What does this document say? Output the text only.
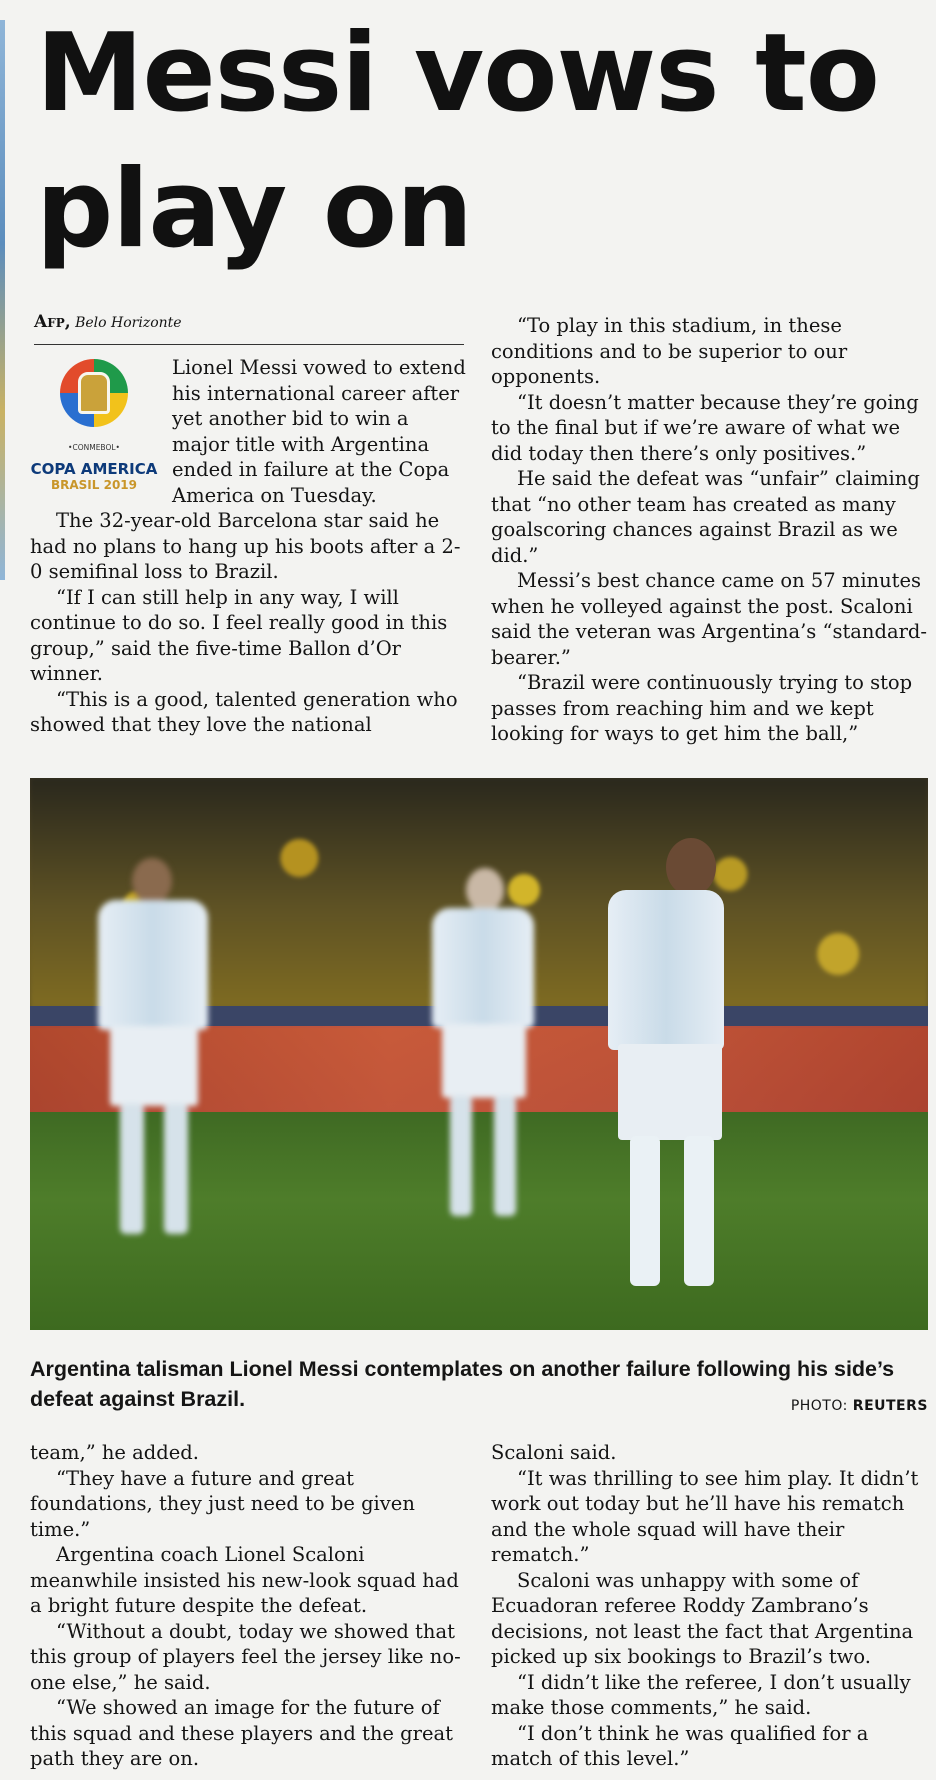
Messi vows to play on
Afp, Belo Horizonte
•CONMEBOL•
COPA AMERICA
BRASIL 2019

Lionel Messi vowed to extend his international career after yet another bid to win a major title with Argentina ended in failure at the Copa America on Tuesday.

The 32-year-old Barcelona star said he had no plans to hang up his boots after a 2-0 semifinal loss to Brazil.

“If I can still help in any way, I will continue to do so. I feel really good in this group,” said the five-time Ballon d’Or winner.

“This is a good, talented generation who showed that they love the national

“To play in this stadium, in these conditions and to be superior to our opponents.

“It doesn’t matter because they’re going to the final but if we’re aware of what we did today then there’s only positives.”

He said the defeat was “unfair” claiming that “no other team has created as many goalscoring chances against Brazil as we did.”

Messi’s best chance came on 57 minutes when he volleyed against the post. Scaloni said the veteran was Argentina’s “standard-bearer.”

“Brazil were continuously trying to stop passes from reaching him and we kept looking for ways to get him the ball,”

Argentina talisman Lionel Messi contemplates on another failure following his side’s defeat against Brazil.	PHOTO: REUTERS

team,” he added.

“They have a future and great foundations, they just need to be given time.”

Argentina coach Lionel Scaloni meanwhile insisted his new-look squad had a bright future despite the defeat.

“Without a doubt, today we showed that this group of players feel the jersey like no-one else,” he said.

“We showed an image for the future of this squad and these players and the great path they are on.

Scaloni said.

“It was thrilling to see him play. It didn’t work out today but he’ll have his rematch and the whole squad will have their rematch.”

Scaloni was unhappy with some of Ecuadoran referee Roddy Zambrano’s decisions, not least the fact that Argentina picked up six bookings to Brazil’s two.

“I didn’t like the referee, I don’t usually make those comments,” he said.

“I don’t think he was qualified for a match of this level.”
